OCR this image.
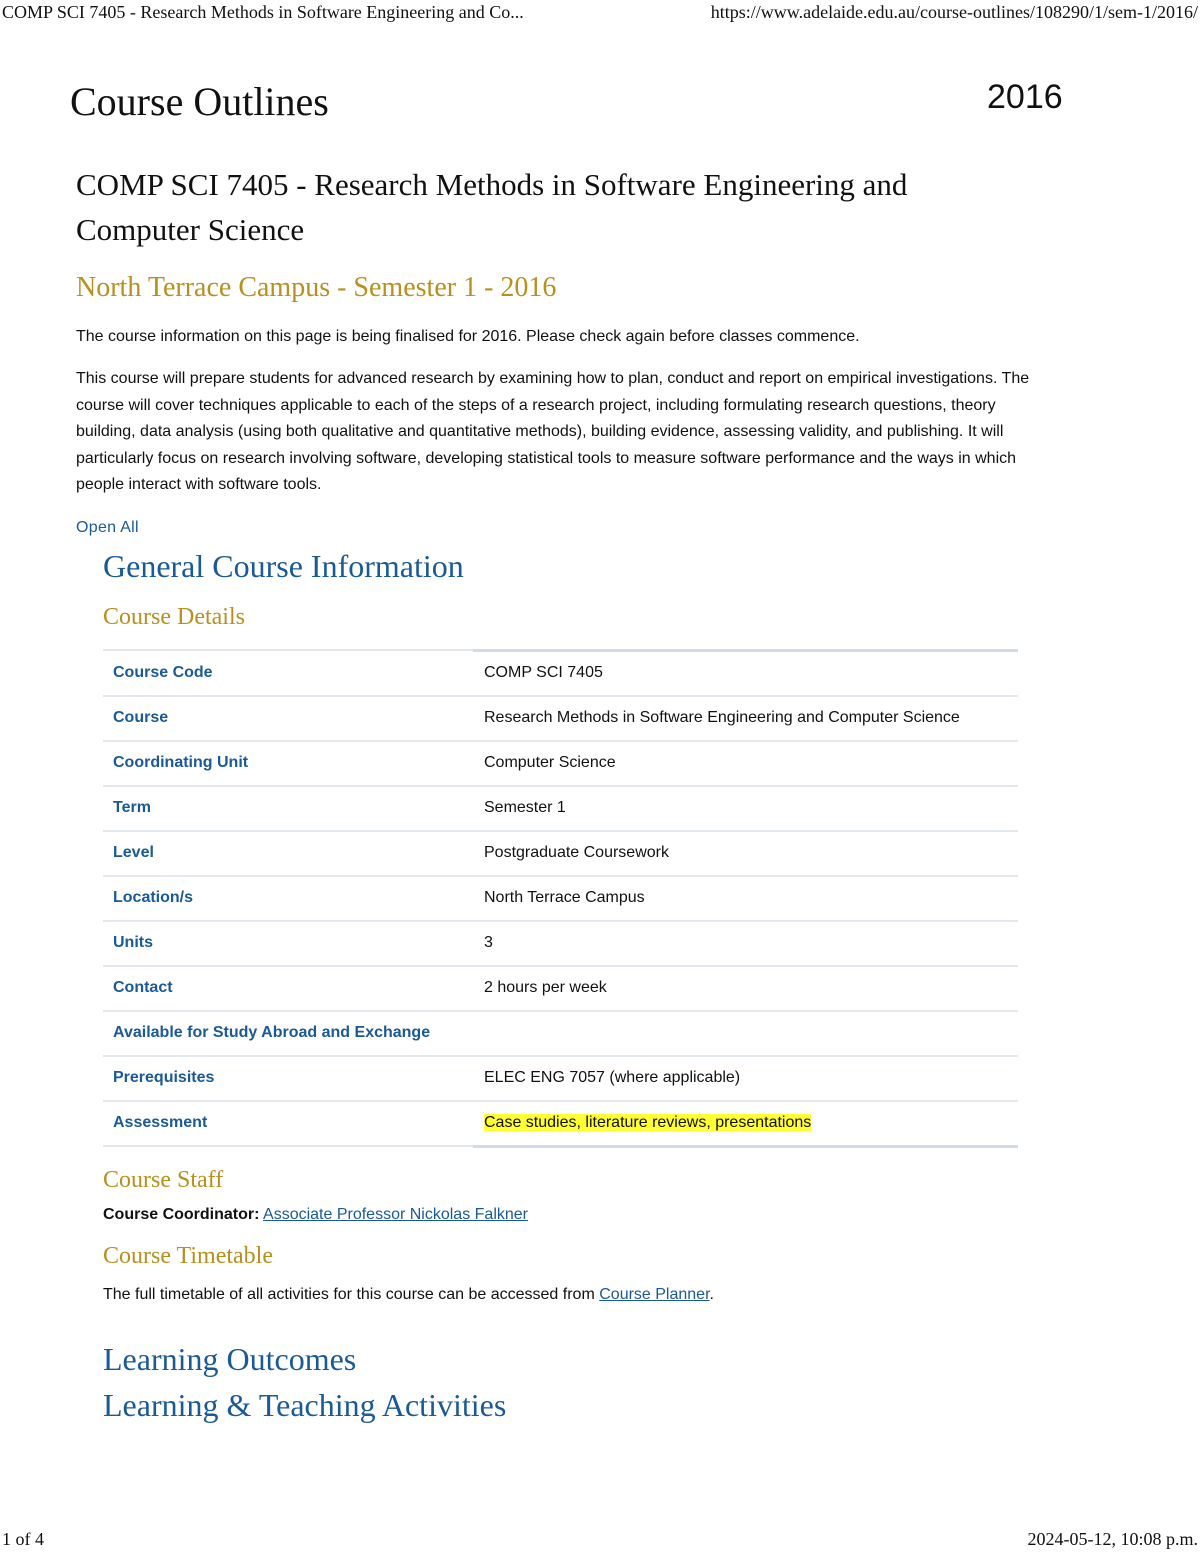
COMP SCI 7405 - Research Methods in Software Engineering and Co...	https://www.adelaide.edu.au/course-outlines/108290/1/sem-1/2016/
Course Outlines	2016
COMP SCI 7405 - Research Methods in Software Engineering and Computer Science
North Terrace Campus - Semester 1 - 2016

The course information on this page is being finalised for 2016. Please check again before classes commence.

This course will prepare students for advanced research by examining how to plan, conduct and report on empirical investigations. The course will cover techniques applicable to each of the steps of a research project, including formulating research questions, theory building, data analysis (using both qualitative and quantitative methods), building evidence, assessing validity, and publishing. It will particularly focus on research involving software, developing statistical tools to measure software performance and the ways in which people interact with software tools.

Open All
General Course Information
Course Details
Course Code	COMP SCI 7405
Course	Research Methods in Software Engineering and Computer Science
Coordinating Unit	Computer Science
Term	Semester 1
Level	Postgraduate Coursework
Location/s	North Terrace Campus
Units	3
Contact	2 hours per week
Available for Study Abroad and Exchange	
Prerequisites	ELEC ENG 7057 (where applicable)
Assessment	Case studies, literature reviews, presentations
Course Staff

Course Coordinator: Associate Professor Nickolas Falkner

Course Timetable

The full timetable of all activities for this course can be accessed from Course Planner.

Learning Outcomes
Learning & Teaching Activities
1 of 4	2024-05-12, 10:08 p.m.
